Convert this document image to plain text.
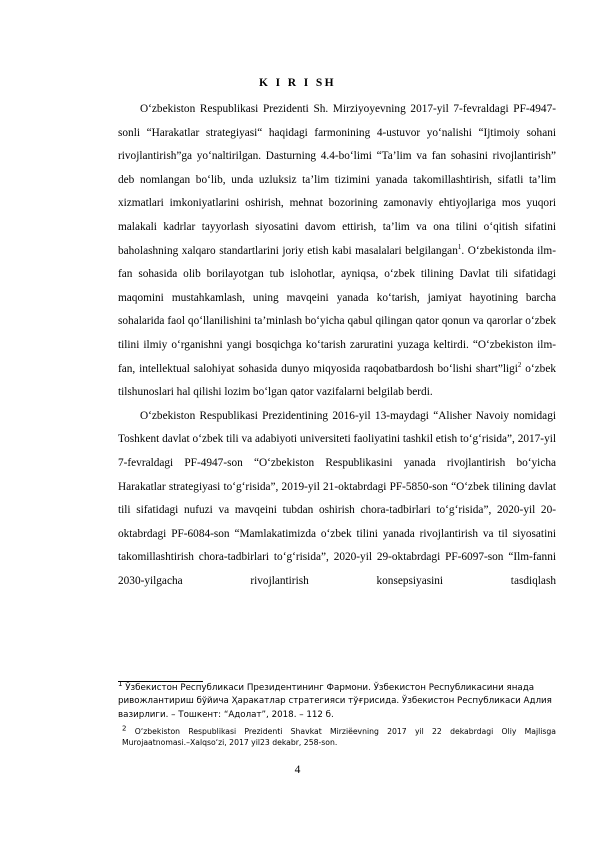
K I R I SH

O‘zbekiston Respublikasi Prezidenti Sh. Mirziyoyevning 2017-yil 7-fevraldagi PF-4947-sonli “Harakatlar strategiyasi“ haqidagi farmonining 4-ustuvor yo‘nalishi “Ijtimoiy sohani rivojlantirish”ga yo‘naltirilgan. Dasturning 4.4-bo‘limi “Ta’lim va fan sohasini rivojlantirish” deb nomlangan bo‘lib, unda uzluksiz ta’lim tizimini yanada takomillashtirish, sifatli ta’lim xizmatlari imkoniyatlarini oshirish, mehnat bozorining zamonaviy ehtiyojlariga mos yuqori malakali kadrlar tayyorlash siyosatini davom ettirish, ta’lim va ona tilini o‘qitish sifatini baholashning xalqaro standartlarini joriy etish kabi masalalari belgilangan$^1$. O‘zbekistonda ilm-fan sohasida olib borilayotgan tub islohotlar, ayniqsa, o‘zbek tilining Davlat tili sifatidagi maqomini mustahkamlash, uning mavqeini yanada ko‘tarish, jamiyat hayotining barcha sohalarida faol qo‘llanilishini ta’minlash bo‘yicha qabul qilingan qator qonun va qarorlar o‘zbek tilini ilmiy o‘rganishni yangi bosqichga ko‘tarish zaruratini yuzaga keltirdi. “O‘zbekiston ilm-fan, intellektual salohiyat sohasida dunyo miqyosida raqobatbardosh bo‘lishi shart”ligi$^2$ o‘zbek tilshunoslari hal qilishi lozim bo‘lgan qator vazifalarni belgilab berdi.

O‘zbekiston Respublikasi Prezidentining 2016-yil 13-maydagi “Alisher Navoiy nomidagi Toshkent davlat o‘zbek tili va adabiyoti universiteti faoliyatini tashkil etish to‘g‘risida”, 2017-yil 7-fevraldagi PF-4947-son “O‘zbekiston Respublikasini yanada rivojlantirish bo‘yicha Harakatlar strategiyasi to‘g‘risida”, 2019-yil 21-oktabrdagi PF-5850-son “O‘zbek tilining davlat tili sifatidagi nufuzi va mavqeini tubdan oshirish chora-tadbirlari to‘g‘risida”, 2020-yil 20-oktabrdagi PF-6084-son “Mamlakatimizda o‘zbek tilini yanada rivojlantirish va til siyosatini takomillashtirish chora-tadbirlari to‘g‘risida”, 2020-yil 29-oktabrdagi PF-6097-son “Ilm-fanni 2030-yilgacha rivojlantirish konsepsiyasini tasdiqlash

$^1$ Ўзбекистон Республикаси Президентининг Фармони. Ўзбекистон Республикасини янада ривожлантириш бўйича Ҳаракатлар стратегияси тўғрисида. Ўзбекистон Республикаси Адлия вазирлиги. – Тошкент: “Адолат”, 2018. – 112 б.

$^2$ O‘zbekiston Respublikasi Prezidenti Shavkat Mirziёevning 2017 yil 22 dekabrdagi Oliy Majlisga
Murojaatnomasi.–Xalqso‘zi, 2017 yil23 dekabr, 258-son.

4
